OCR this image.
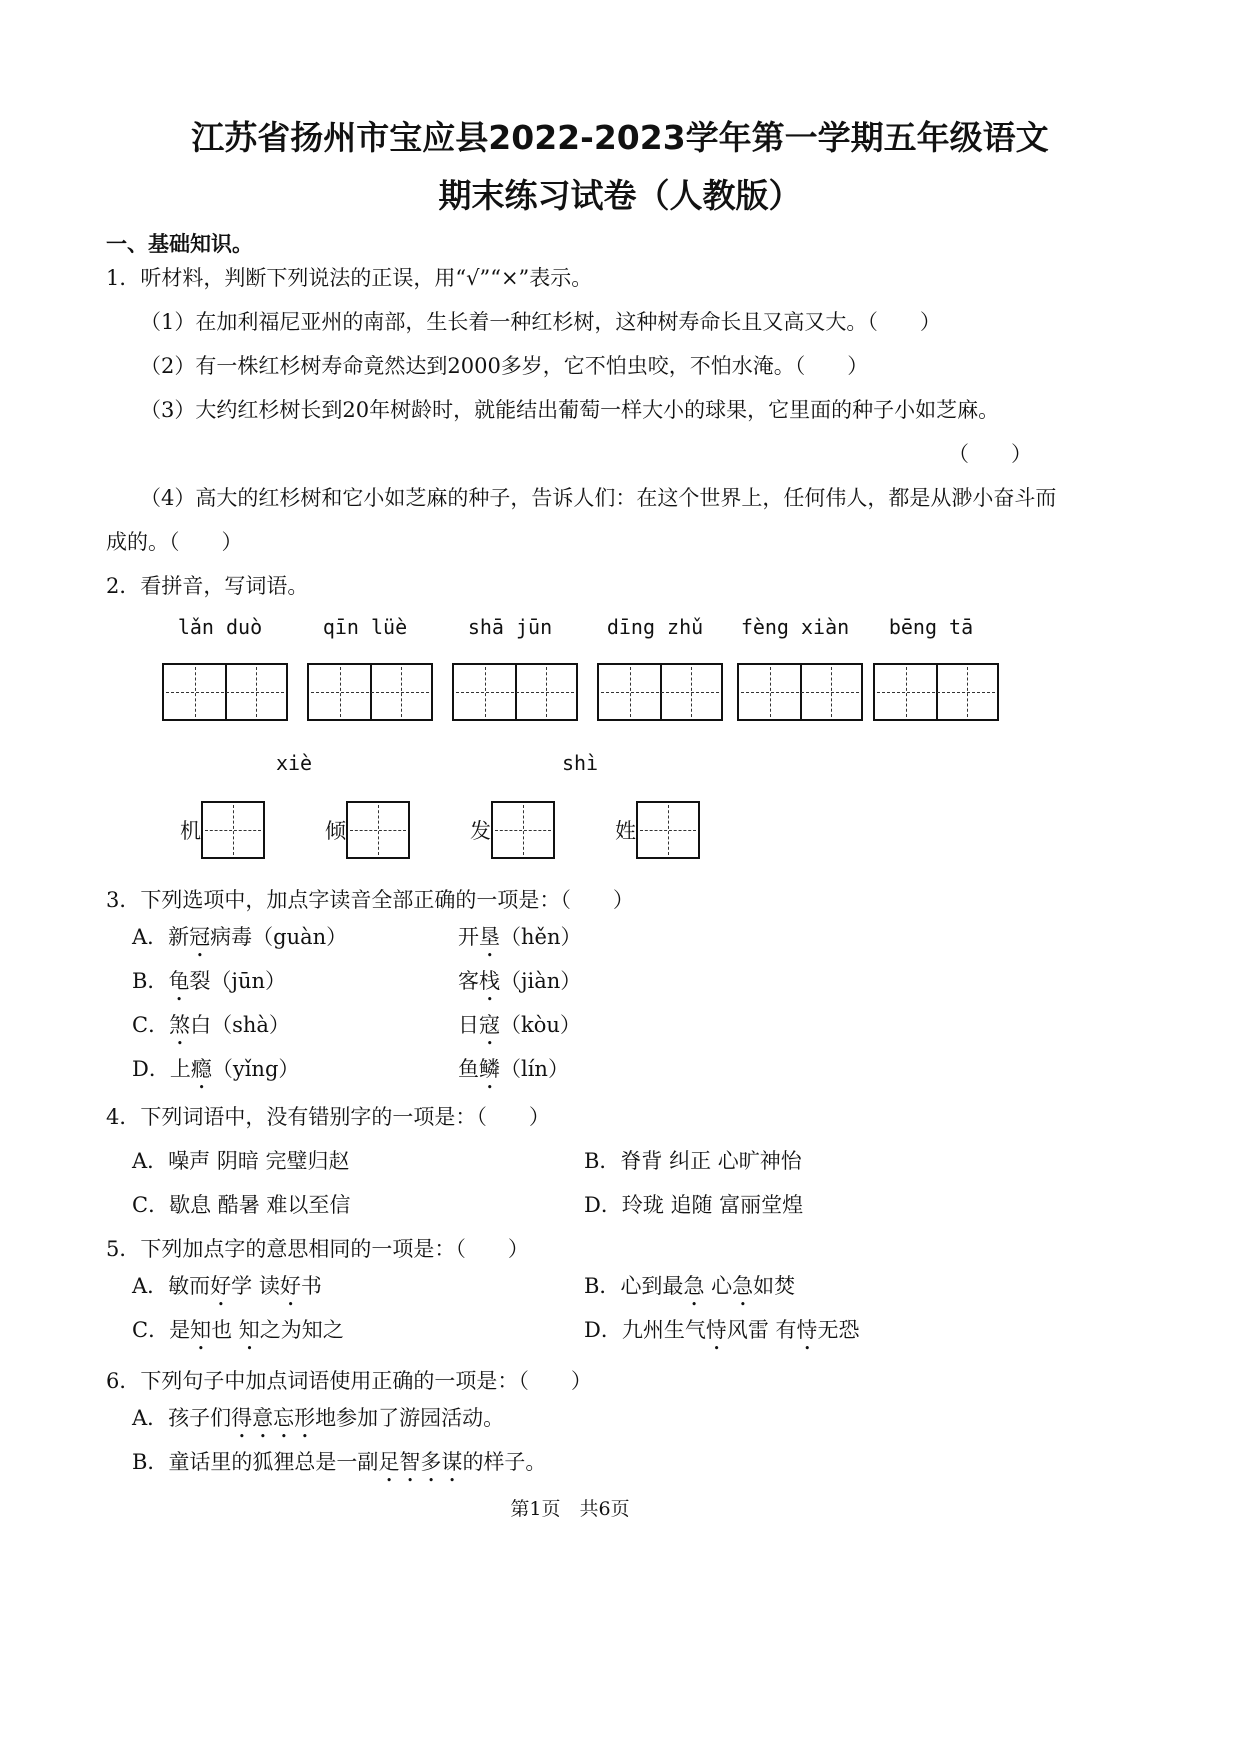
江苏省扬州市宝应县2022-2023学年第一学期五年级语文
期末练习试卷（人教版）
一、基础知识。
1．听材料，判断下列说法的正误，用“√”“×”表示。
（1）在加利福尼亚州的南部，生长着一种红杉树，这种树寿命长且又高又大。（　　）
（2）有一株红杉树寿命竟然达到2000多岁，它不怕虫咬，不怕水淹。（　　）
（3）大约红杉树长到20年树龄时，就能结出葡萄一样大小的球果，它里面的种子小如芝麻。
（　　）
（4）高大的红杉树和它小如芝麻的种子，告诉人们：在这个世界上，任何伟人，都是从渺小奋斗而
成的。（　　）
2．看拼音，写词语。
lǎn duò	qīn lüè	shā jūn	dīng zhǔ	fèng xiàn	bēng tā
xiè	shì
机	倾	发	姓
3．下列选项中，加点字读音全部正确的一项是：（　　）
A．新冠病毒（guàn）	开垦（hěn）
B．龟裂（jūn）	客栈（jiàn）
C．煞白（shà）	日寇（kòu）
D．上瘾（yǐng）	鱼鳞（lín）
4．下列词语中，没有错别字的一项是：（　　）
A．噪声 阴暗 完璧归赵	B．脊背 纠正 心旷神怡
C．歇息 酷暑 难以至信	D．玲珑 追随 富丽堂煌
5．下列加点字的意思相同的一项是：（　　）
A．敏而好学 读好书	B．心到最急 心急如焚
C．是知也 知之为知之	D．九州生气恃风雷 有恃无恐
6．下列句子中加点词语使用正确的一项是：（　　）
A．孩子们得意忘形地参加了游园活动。
B．童话里的狐狸总是一副足智多谋的样子。
第1页　共6页
